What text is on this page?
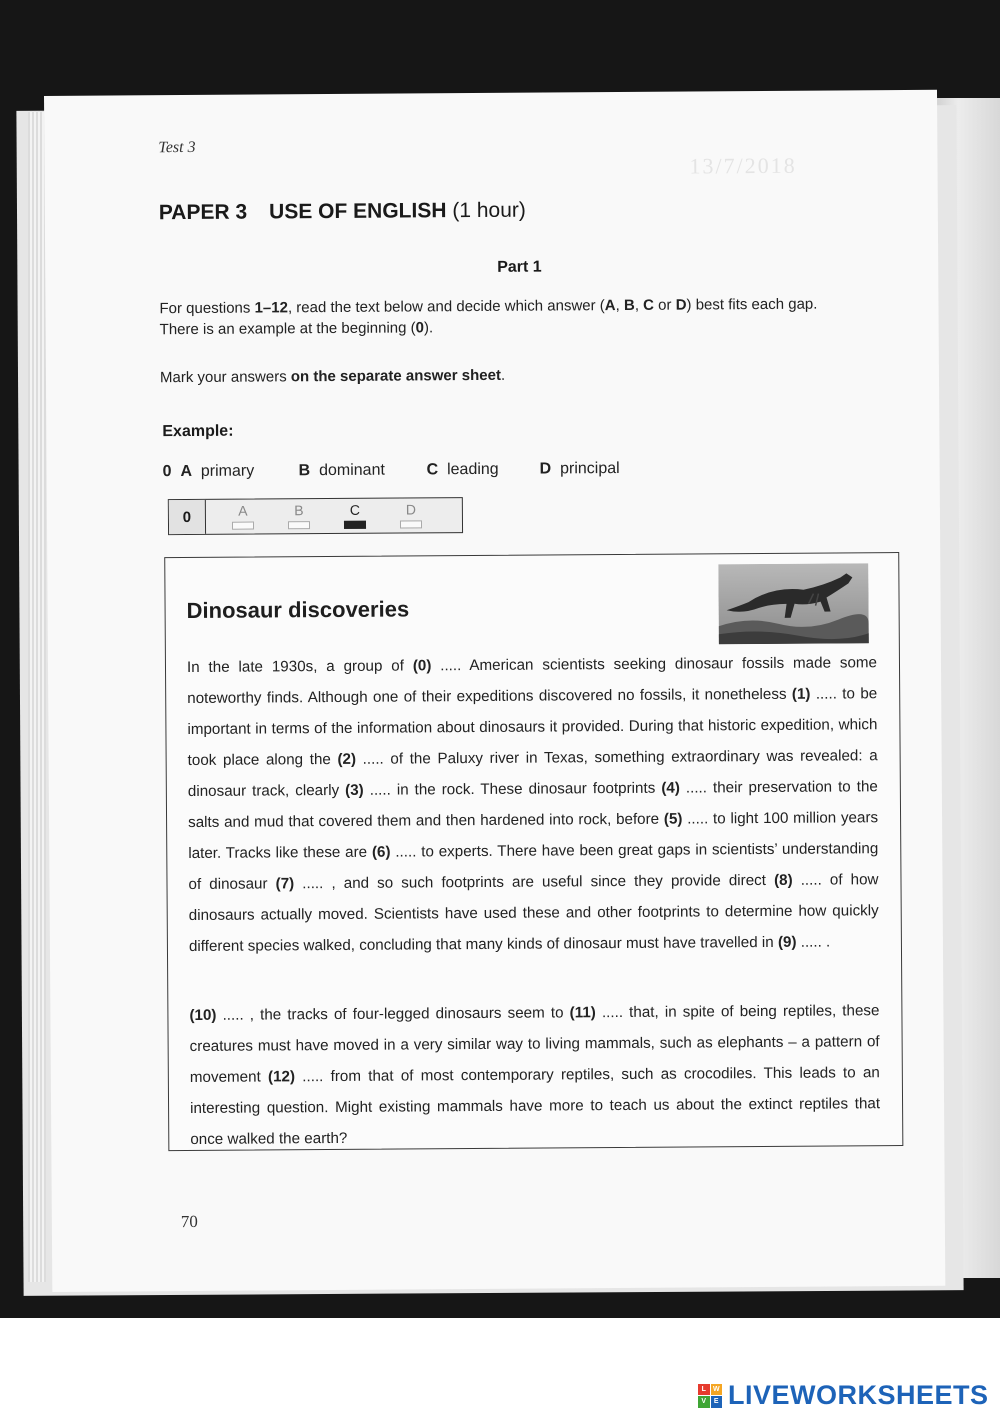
Test 3
13/7/2018
PAPER 3 USE OF ENGLISH (1 hour)
Part 1
For questions 1–12, read the text below and decide which answer (A, B, C or D) best fits each gap.
There is an example at the beginning (0).
Mark your answers on the separate answer sheet.
Example:
0 A primary	B dominant	C leading	D principal
0	A	B	C	D
Dinosaur discoveries
In the late 1930s, a group of (0) ..... American scientists seeking dinosaur fossils made some noteworthy finds. Although one of their expeditions discovered no fossils, it nonetheless (1) ..... to be important in terms of the information about dinosaurs it provided. During that historic expedition, which took place along the (2) ..... of the Paluxy river in Texas, something extraordinary was revealed: a dinosaur track, clearly (3) ..... in the rock. These dinosaur footprints (4) ..... their preservation to the salts and mud that covered them and then hardened into rock, before (5) ..... to light 100 million years later. Tracks like these are (6) ..... to experts. There have been great gaps in scientists’ understanding of dinosaur (7) ..... , and so such footprints are useful since they provide direct (8) ..... of how dinosaurs actually moved. Scientists have used these and other footprints to determine how quickly different species walked, concluding that many kinds of dinosaur must have travelled in (9) ..... .
(10) ..... , the tracks of four-legged dinosaurs seem to (11) ..... that, in spite of being reptiles, these creatures must have moved in a very similar way to living mammals, such as elephants – a pattern of movement (12) ..... from that of most contemporary reptiles, such as crocodiles. This leads to an interesting question. Might existing mammals have more to teach us about the extinct reptiles that once walked the earth?
70
L	W
V	E LIVEWORKSHEETS
